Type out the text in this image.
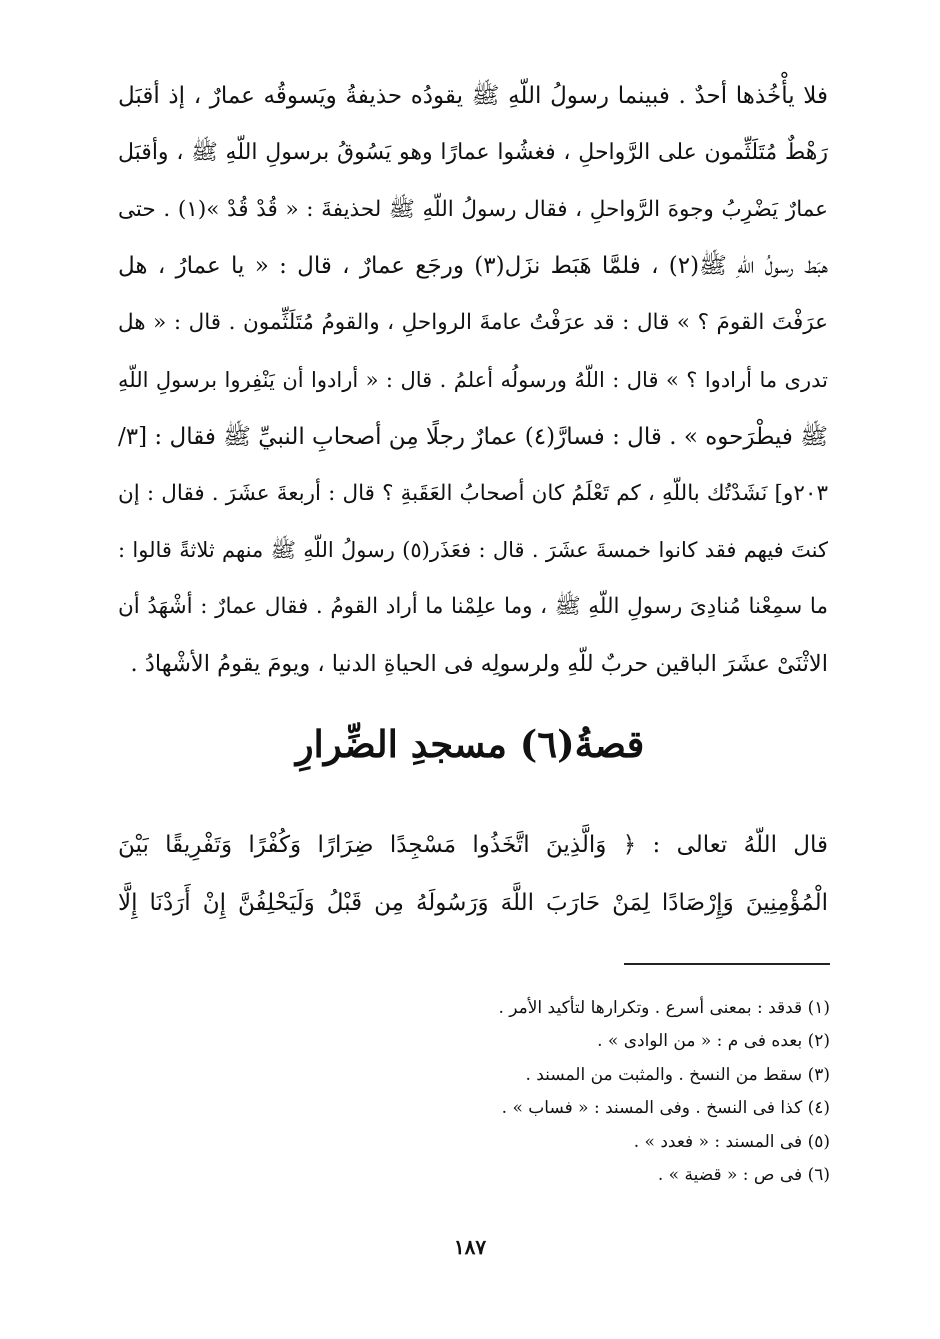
فلا يأْخُذها أحدٌ . فبينما رسولُ اللّهِ ﷺ يقودُه حذيفةُ ويَسوقُه عمارٌ ، إذ أقبَل
رَهْطٌ مُتَلَثِّمون على الرَّواحلِ ، فغشُوا عمارًا وهو يَسُوقُ برسولِ اللّهِ ﷺ ، وأقبَل
عمارٌ يَضْرِبُ وجوهَ الرَّواحلِ ، فقال رسولُ اللّهِ ﷺ لحذيفةَ : « قُدْ قُدْ »(١) . حتى
هبَط رسولُ اللّهِ ﷺ(٢) ، فلمَّا هَبَط نزَل(٣) ورجَع عمارٌ ، قال : « يا عمارُ ، هل
عرَفْتَ القومَ ؟ » قال : قد عرَفْتُ عامةَ الرواحلِ ، والقومُ مُتَلَثِّمون . قال : « هل
تدرى ما أرادوا ؟ » قال : اللّهُ ورسولُه أعلمُ . قال : « أرادوا أن يَنْفِروا برسولِ اللّهِ
ﷺ فيطْرَحوه » . قال : فسارَّ(٤) عمارٌ رجلًا مِن أصحابِ النبيِّ ﷺ فقال : [٣/
٢٠٣و] نَشَدْتُك باللّهِ ، كم تَعْلَمُ كان أصحابُ العَقَبةِ ؟ قال : أربعةَ عشَرَ . فقال : إن
كنتَ فيهم فقد كانوا خمسةَ عشَرَ . قال : فعَذَر(٥) رسولُ اللّهِ ﷺ منهم ثلاثةً قالوا :
ما سمِعْنا مُنادِىَ رسولِ اللّهِ ﷺ ، وما علِمْنا ما أراد القومُ . فقال عمارٌ : أشْهَدُ أن
الاثْنَىْ عشَرَ الباقين حربٌ للّهِ ولرسولِه فى الحياةِ الدنيا ، ويومَ يقومُ الأشْهادُ .
قصةُ(٦) مسجدِ الضِّرارِ
قال اللّهُ تعالى : ﴿ وَالَّذِينَ اتَّخَذُوا مَسْجِدًا ضِرَارًا وَكُفْرًا وَتَفْرِيقًا بَيْنَ
الْمُؤْمِنِينَ وَإِرْصَادًا لِمَنْ حَارَبَ اللَّهَ وَرَسُولَهُ مِن قَبْلُ وَلَيَحْلِفُنَّ إِنْ أَرَدْنَا إِلَّا
(١) قدقد : بمعنى أسرع . وتكرارها لتأكيد الأمر .
(٢) بعده فى م : « من الوادى » .
(٣) سقط من النسخ . والمثبت من المسند .
(٤) كذا فى النسخ . وفى المسند : « فساب » .
(٥) فى المسند : « فعدد » .
(٦) فى ص : « قضية » .
١٨٧
